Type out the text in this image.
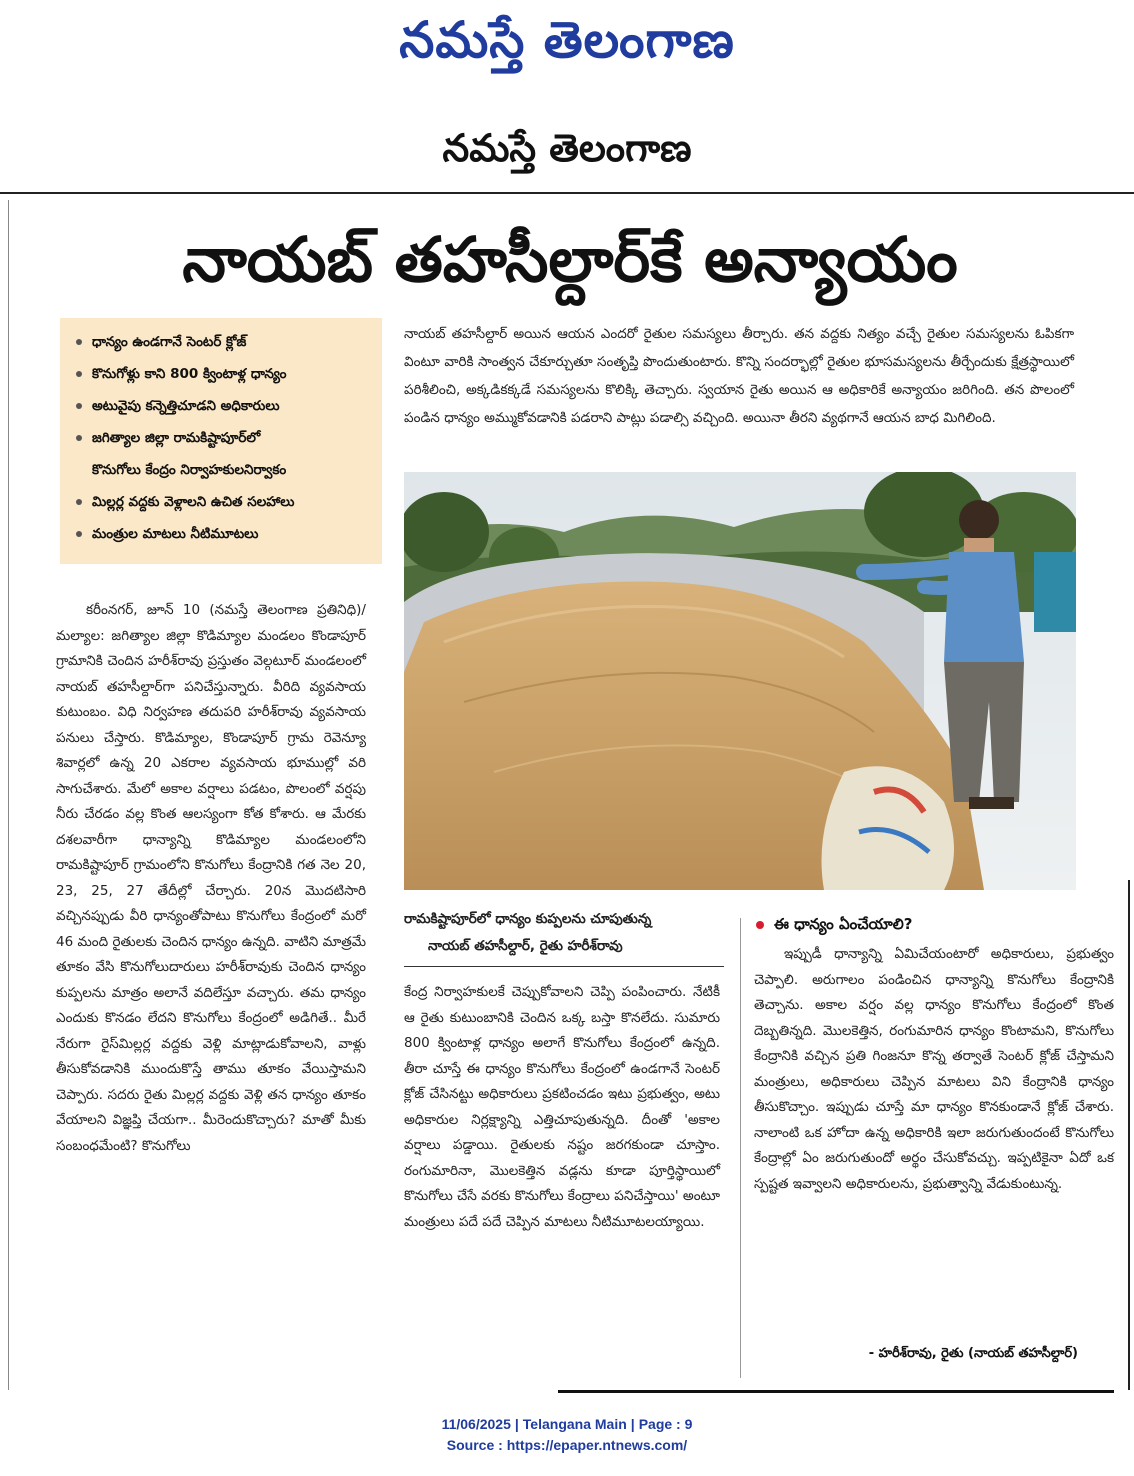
నమస్తే తెలంగాణ
నమస్తే తెలంగాణ
నాయబ్ తహసీల్దార్‌కే అన్యాయం
ధాన్యం ఉండగానే సెంటర్ క్లోజ్
కొనుగోళ్లు కాని 800 క్వింటాళ్ల ధాన్యం
అటువైపు కన్నెత్తిచూడని అధికారులు
జగిత్యాల జిల్లా రామకిష్టాపూర్‌లో
కొనుగోలు కేంద్రం నిర్వాహకులనిర్వాకం
మిల్లర్ల వద్దకు వెళ్లాలని ఉచిత సలహాలు
మంత్రుల మాటలు నీటిమూటలు
నాయబ్ తహసీల్దార్ అయిన ఆయన ఎందరో రైతుల సమస్యలు తీర్చారు. తన వద్దకు నిత్యం వచ్చే రైతుల సమస్యలను ఓపికగా వింటూ వారికి సాంత్వన చేకూర్చుతూ సంతృప్తి పొందుతుంటారు. కొన్ని సందర్భాల్లో రైతుల భూసమస్యలను తీర్చేందుకు క్షేత్రస్థాయిలో పరిశీలించి, అక్కడికక్కడే సమస్యలను కొలిక్కి తెచ్చారు. స్వయాన రైతు అయిన ఆ అధికారికే అన్యాయం జరిగింది. తన పొలంలో పండిన ధాన్యం అమ్ముకోవడానికి పడరాని పాట్లు పడాల్సి వచ్చింది. అయినా తీరని వ్యథగానే ఆయన బాధ మిగిలింది.
రామకిష్టాపూర్‌లో ధాన్యం కుప్పలను చూపుతున్న
నాయబ్ తహసీల్దార్, రైతు హరీశ్‌రావు

కరీంనగర్, జూన్ 10 (నమస్తే తెలంగాణ ప్రతినిధి)/మల్యాల: జగిత్యాల జిల్లా కొడిమ్యాల మండలం కొండాపూర్ గ్రామానికి చెందిన హరీశ్‌రావు ప్రస్తుతం వెల్గటూర్ మండలంలో నాయబ్ తహసీల్దార్‌గా పనిచేస్తున్నారు. వీరిది వ్యవసాయ కుటుంబం. విధి నిర్వహణ తదుపరి హరీశ్‌రావు వ్యవసాయ పనులు చేస్తారు. కొడిమ్యాల, కొండాపూర్ గ్రామ రెవెన్యూ శివార్లలో ఉన్న 20 ఎకరాల వ్యవసాయ భూముల్లో వరి సాగుచేశారు. మేలో అకాల వర్షాలు పడటం, పొలంలో వర్షపు నీరు చేరడం వల్ల కొంత ఆలస్యంగా కోత కోశారు. ఆ మేరకు దశలవారీగా ధాన్యాన్ని కొడిమ్యాల మండలంలోని రామకిష్టాపూర్ గ్రామంలోని కొనుగోలు కేంద్రానికి గత నెల 20, 23, 25, 27 తేదీల్లో చేర్చారు. 20న మొదటిసారి వచ్చినప్పుడు వీరి ధాన్యంతోపాటు కొనుగోలు కేంద్రంలో మరో 46 మంది రైతులకు చెందిన ధాన్యం ఉన్నది. వాటిని మాత్రమే తూకం వేసి కొనుగోలుదారులు హరీశ్‌రావుకు చెందిన ధాన్యం కుప్పలను మాత్రం అలానే వదిలేస్తూ వచ్చారు. తమ ధాన్యం ఎందుకు కొనడం లేదని కొనుగోలు కేంద్రంలో అడిగితే.. మీరే నేరుగా రైస్‌మిల్లర్ల వద్దకు వెళ్లి మాట్లాడుకోవాలని, వాళ్లు తీసుకోవడానికి ముందుకొస్తే తాము తూకం వేయిస్తామని చెప్పారు. సదరు రైతు మిల్లర్ల వద్దకు వెళ్లి తన ధాన్యం తూకం వేయాలని విజ్ఞప్తి చేయగా.. మీరెందుకొచ్చారు? మాతో మీకు సంబంధమేంటి? కొనుగోలు

కేంద్ర నిర్వాహకులకే చెప్పుకోవాలని చెప్పి పంపించారు. నేటికీ ఆ రైతు కుటుంబానికి చెందిన ఒక్క బస్తా కొనలేదు. సుమారు 800 క్వింటాళ్ల ధాన్యం అలాగే కొనుగోలు కేంద్రంలో ఉన్నది. తీరా చూస్తే ఈ ధాన్యం కొనుగోలు కేంద్రంలో ఉండగానే సెంటర్ క్లోజ్ చేసినట్టు అధికారులు ప్రకటించడం ఇటు ప్రభుత్వం, అటు అధికారుల నిర్లక్ష్యాన్ని ఎత్తిచూపుతున్నది. దీంతో 'అకాల వర్షాలు పడ్డాయి. రైతులకు నష్టం జరగకుండా చూస్తాం. రంగుమారినా, మొలకెత్తిన వడ్లను కూడా పూర్తిస్థాయిలో కొనుగోలు చేసే వరకు కొనుగోలు కేంద్రాలు పనిచేస్తాయి' అంటూ మంత్రులు పదే పదే చెప్పిన మాటలు నీటిమూటలయ్యాయి.

ఈ ధాన్యం ఏంచేయాలి?

ఇప్పుడీ ధాన్యాన్ని ఏమిచేయంటారో అధికారులు, ప్రభుత్వం చెప్పాలి. అరుగాలం పండించిన ధాన్యాన్ని కొనుగోలు కేంద్రానికి తెచ్చాను. అకాల వర్షం వల్ల ధాన్యం కొనుగోలు కేంద్రంలో కొంత దెబ్బతిన్నది. మొలకెత్తిన, రంగుమారిన ధాన్యం కొంటామని, కొనుగోలు కేంద్రానికి వచ్చిన ప్రతి గింజనూ కొన్న తర్వాతే సెంటర్ క్లోజ్ చేస్తామని మంత్రులు, అధికారులు చెప్పిన మాటలు విని కేంద్రానికి ధాన్యం తీసుకొచ్చాం. ఇప్పుడు చూస్తే మా ధాన్యం కొనకుండానే క్లోజ్ చేశారు. నాలాంటి ఒక హోదా ఉన్న అధికారికి ఇలా జరుగుతుందంటే కొనుగోలు కేంద్రాల్లో ఏం జరుగుతుందో అర్థం చేసుకోవచ్చు. ఇప్పటికైనా ఏదో ఒక స్పష్టత ఇవ్వాలని అధికారులను, ప్రభుత్వాన్ని వేడుకుంటున్న.

- హరీశ్‌రావు, రైతు (నాయబ్ తహసీల్దార్)
11/06/2025 | Telangana Main | Page : 9
Source : https://epaper.ntnews.com/
